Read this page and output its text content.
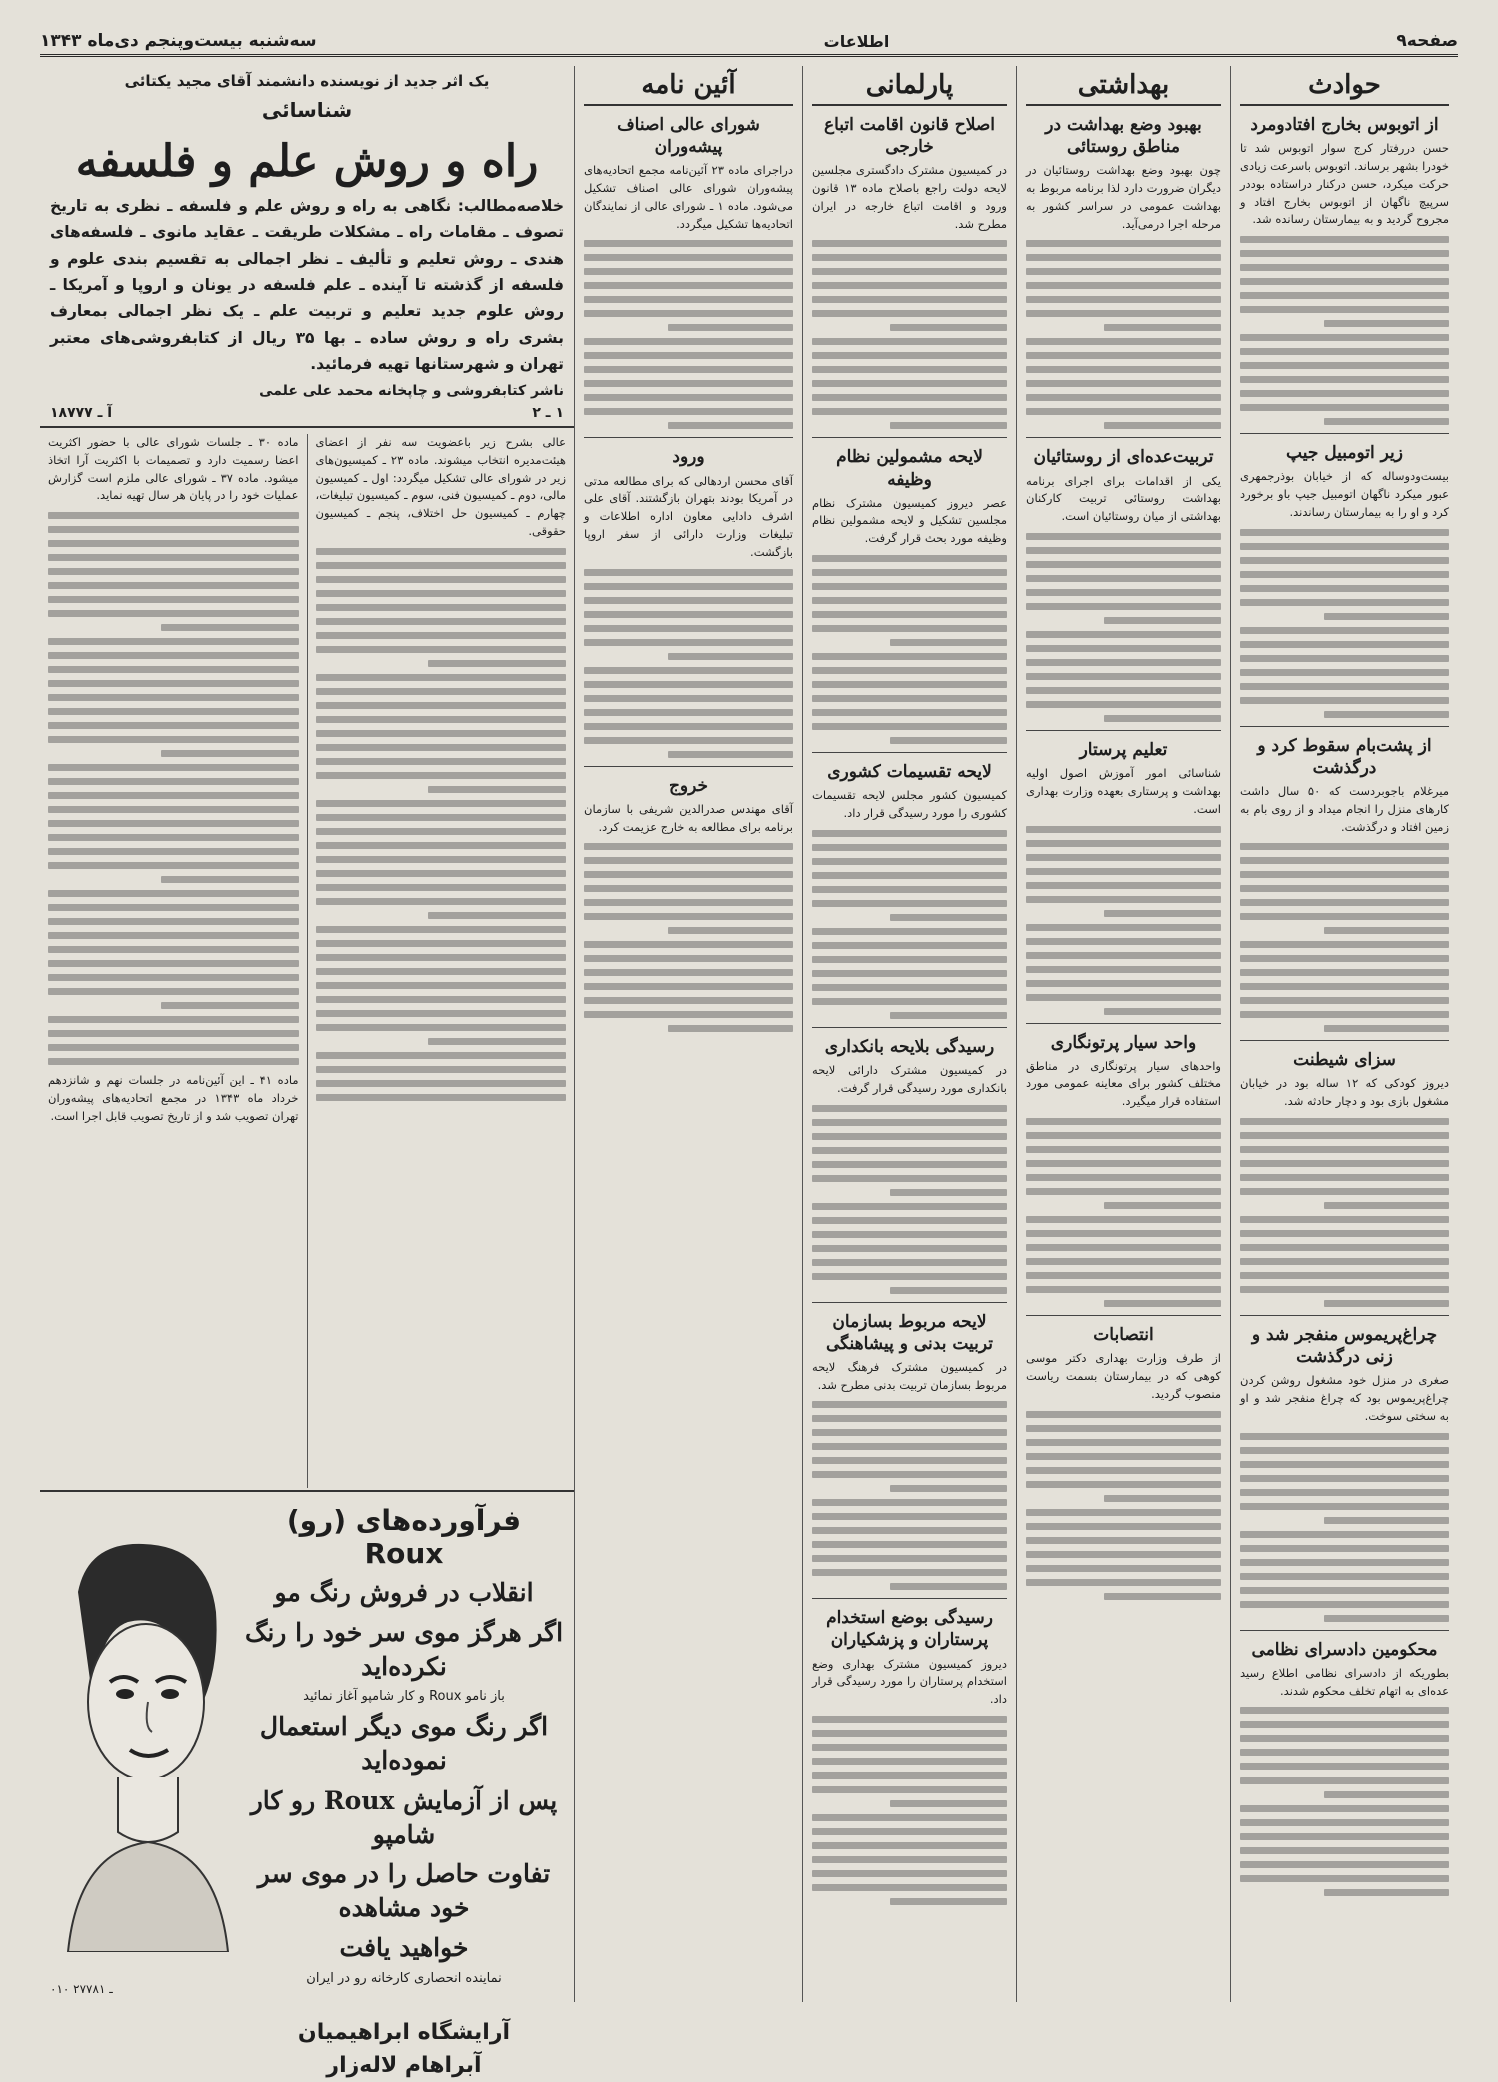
صفحه۹
اطلاعات
سه‌شنبه بیست‌و‌پنجم دی‌ماه ۱۳۴۳
حوادث
از اتوبوس بخارج افتادومرد

حسن دررفتار کرج سوار اتوبوس شد تا خودرا بشهر برساند. اتوبوس باسرعت زیادی حرکت میکرد، حسن درکنار دراستاده بوددر سرپیچ ناگهان از اتوبوس بخارج افتاد و مجروح گردید و به بیمارستان رسانده شد.

زیر اتومبیل جیپ

بیست‌ودوساله که از خیابان بوذرجمهری عبور میکرد ناگهان اتومبیل جیپ باو برخورد کرد و او را به بیمارستان رساندند.

از پشت‌بام سقوط کرد و درگذشت

میرغلام باجوبردست که ۵۰ سال داشت کارهای منزل را انجام میداد و از روی بام به زمین افتاد و درگذشت.

سزای شیطنت

دیروز کودکی که ۱۲ ساله بود در خیابان مشغول بازی بود و دچار حادثه شد.

چراغ‌پریموس منفجر شد و زنی درگذشت

صغری در منزل خود مشغول روشن کردن چراغ‌پریموس بود که چراغ منفجر شد و او به سختی سوخت.

محکومین دادسرای نظامی

بطوریکه از دادسرای نظامی اطلاع رسید عده‌ای به اتهام تخلف محکوم شدند.

بهداشتی
بهبود وضع بهداشت در مناطق روستائی

چون بهبود وضع بهداشت روستائیان در دیگران ضرورت دارد لذا برنامه مربوط به بهداشت عمومی در سراسر کشور به مرحله اجرا درمی‌آید.

تربیت‌عده‌ای از روستائیان

یکی از اقدامات برای اجرای برنامه بهداشت روستائی تربیت کارکنان بهداشتی از میان روستائیان است.

تعلیم پرستار

شناسائی امور آموزش اصول اولیه بهداشت و پرستاری بعهده وزارت بهداری است.

واحد سیار پرتونگاری

واحدهای سیار پرتونگاری در مناطق مختلف کشور برای معاینه عمومی مورد استفاده قرار میگیرد.

انتصابات

از طرف وزارت بهداری دکتر موسی کوهی که در بیمارستان بسمت ریاست منصوب گردید.

پارلمانی
اصلاح قانون اقامت اتباع خارجی

در کمیسیون مشترک دادگستری مجلسین لایحه دولت راجع باصلاح ماده ۱۳ قانون ورود و اقامت اتباع خارجه در ایران مطرح شد.

لایحه مشمولین نظام وظیفه

عصر دیروز کمیسیون مشترک نظام مجلسین تشکیل و لایحه مشمولین نظام وظیفه مورد بحث قرار گرفت.

لایحه تقسیمات کشوری

کمیسیون کشور مجلس لایحه تقسیمات کشوری را مورد رسیدگی قرار داد.

رسیدگی بلایحه بانکداری

در کمیسیون مشترک دارائی لایحه بانکداری مورد رسیدگی قرار گرفت.

لایحه مربوط بسازمان تربیت بدنی و پیشاهنگی

در کمیسیون مشترک فرهنگ لایحه مربوط بسازمان تربیت بدنی مطرح شد.

رسیدگی بوضع استخدام پرستاران و پزشکیاران

دیروز کمیسیون مشترک بهداری وضع استخدام پرستاران را مورد رسیدگی قرار داد.

آئین نامه
شورای عالی اصناف پیشه‌وران

دراجرای ماده ۲۳ آئین‌نامه مجمع اتحادیه‌های پیشه‌وران شورای عالی اصناف تشکیل می‌شود. ماده ۱ ـ شورای عالی از نمایندگان اتحادیه‌ها تشکیل میگردد.

ورود

آقای محسن اردهالی که برای مطالعه مدتی در آمریکا بودند بتهران بازگشتند. آقای علی اشرف دادایی معاون اداره اطلاعات و تبلیغات وزارت دارائی از سفر اروپا بازگشت.

خروج

آقای مهندس صدرالدین شریفی با سازمان برنامه برای مطالعه به خارج عزیمت کرد.

یک اثر جدید از نویسنده دانشمند آقای مجید یکتائی
شناسائی
راه و روش علم و فلسفه
خلاصه‌مطالب: نگاهی به راه و روش علم و فلسفه ـ نظری به تاریخ تصوف ـ مقامات راه ـ مشکلات طریقت ـ عقاید مانوی ـ فلسفه‌های هندی ـ روش تعلیم و تألیف ـ نظر اجمالی به تقسیم بندی علوم و فلسفه از گذشته تا آینده ـ علم فلسفه در یونان و اروپا و آمریکا ـ روش علوم جدید تعلیم و تربیت علم ـ یک نظر اجمالی بمعارف بشری راه و روش ساده ـ بها ۳۵ ریال از کتابفروشی‌های معتبر تهران و شهرستانها تهیه فرمائید.
ناشر کتابفروشی و چاپخانه محمد علی علمی
۱ ـ ۲
آ ـ ۱۸۷۷۷

عالی بشرح زیر باعضویت سه نفر از اعضای هیئت‌مدیره انتخاب میشوند. ماده ۲۳ ـ کمیسیون‌های زیر در شورای عالی تشکیل میگردد: اول ـ کمیسیون مالی، دوم ـ کمیسیون فنی، سوم ـ کمیسیون تبلیغات، چهارم ـ کمیسیون حل اختلاف، پنجم ـ کمیسیون حقوقی.

ماده ۳۰ ـ جلسات شورای عالی با حضور اکثریت اعضا رسمیت دارد و تصمیمات با اکثریت آرا اتخاذ میشود. ماده ۳۷ ـ شورای عالی ملزم است گزارش عملیات خود را در پایان هر سال تهیه نماید.

ماده ۴۱ ـ این آئین‌نامه در جلسات نهم و شانزدهم خرداد ماه ۱۳۴۳ در مجمع اتحادیه‌های پیشه‌وران تهران تصویب شد و از تاریخ تصویب قابل اجرا است.

فرآورده‌های (رو) Roux
انقلاب در فروش رنگ مو
اگر هرگز موی سر خود را رنگ نکرده‌اید
باز نامو Roux و کار شامپو آغاز نمائید
اگر رنگ موی دیگر استعمال نموده‌اید
پس از آزمایش Roux رو کار شامپو
تفاوت حاصل را در موی سر خود مشاهده
خواهید یافت
نماینده انحصاری کارخانه رو در ایران
آرایشگاه ابراهیمیان
آبراهام لاله‌زار
۰۱۰ ـ ۲۷۷۸۱
